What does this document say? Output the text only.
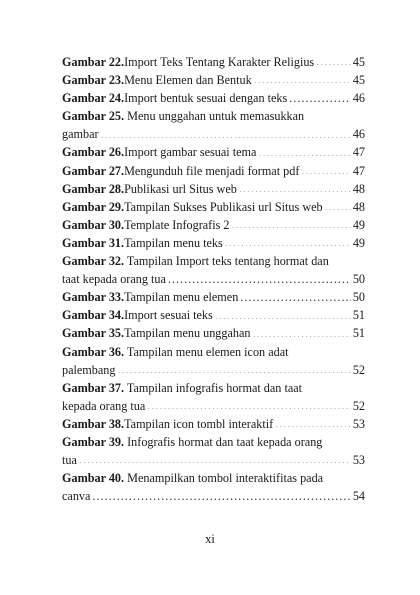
Gambar 22. Import Teks Tentang Karakter Religius .....	45
Gambar 23. Menu Elemen dan Bentuk .....	45
Gambar 24. Import bentuk sesuai dengan teks .....	46
Gambar 25. Menu unggahan untuk memasukkan
gambar .....	46
Gambar 26. Import gambar sesuai tema .....	47
Gambar 27. Mengunduh file menjadi format pdf .....	47
Gambar 28. Publikasi url Situs web .....	48
Gambar 29. Tampilan Sukses Publikasi url Situs web ..... 48
Gambar 30. Template Infografis 2 .....	49
Gambar 31. Tampilan menu teks .....	49
Gambar 32. Tampilan Import teks tentang hormat dan
taat kepada orang tua .....	50
Gambar 33. Tampilan menu elemen .....	50
Gambar 34. Import sesuai teks .....	51
Gambar 35. Tampilan menu unggahan .....	51
Gambar 36. Tampilan menu elemen icon adat
palembang .....	52
Gambar 37. Tampilan infografis hormat dan taat
kepada orang tua .....	52
Gambar 38. Tampilan icon tombl interaktif .....	53
Gambar 39. Infografis hormat dan taat kepada orang
tua .....	53
Gambar 40. Menampilkan tombol interaktifitas pada
canva .....	54
xi
